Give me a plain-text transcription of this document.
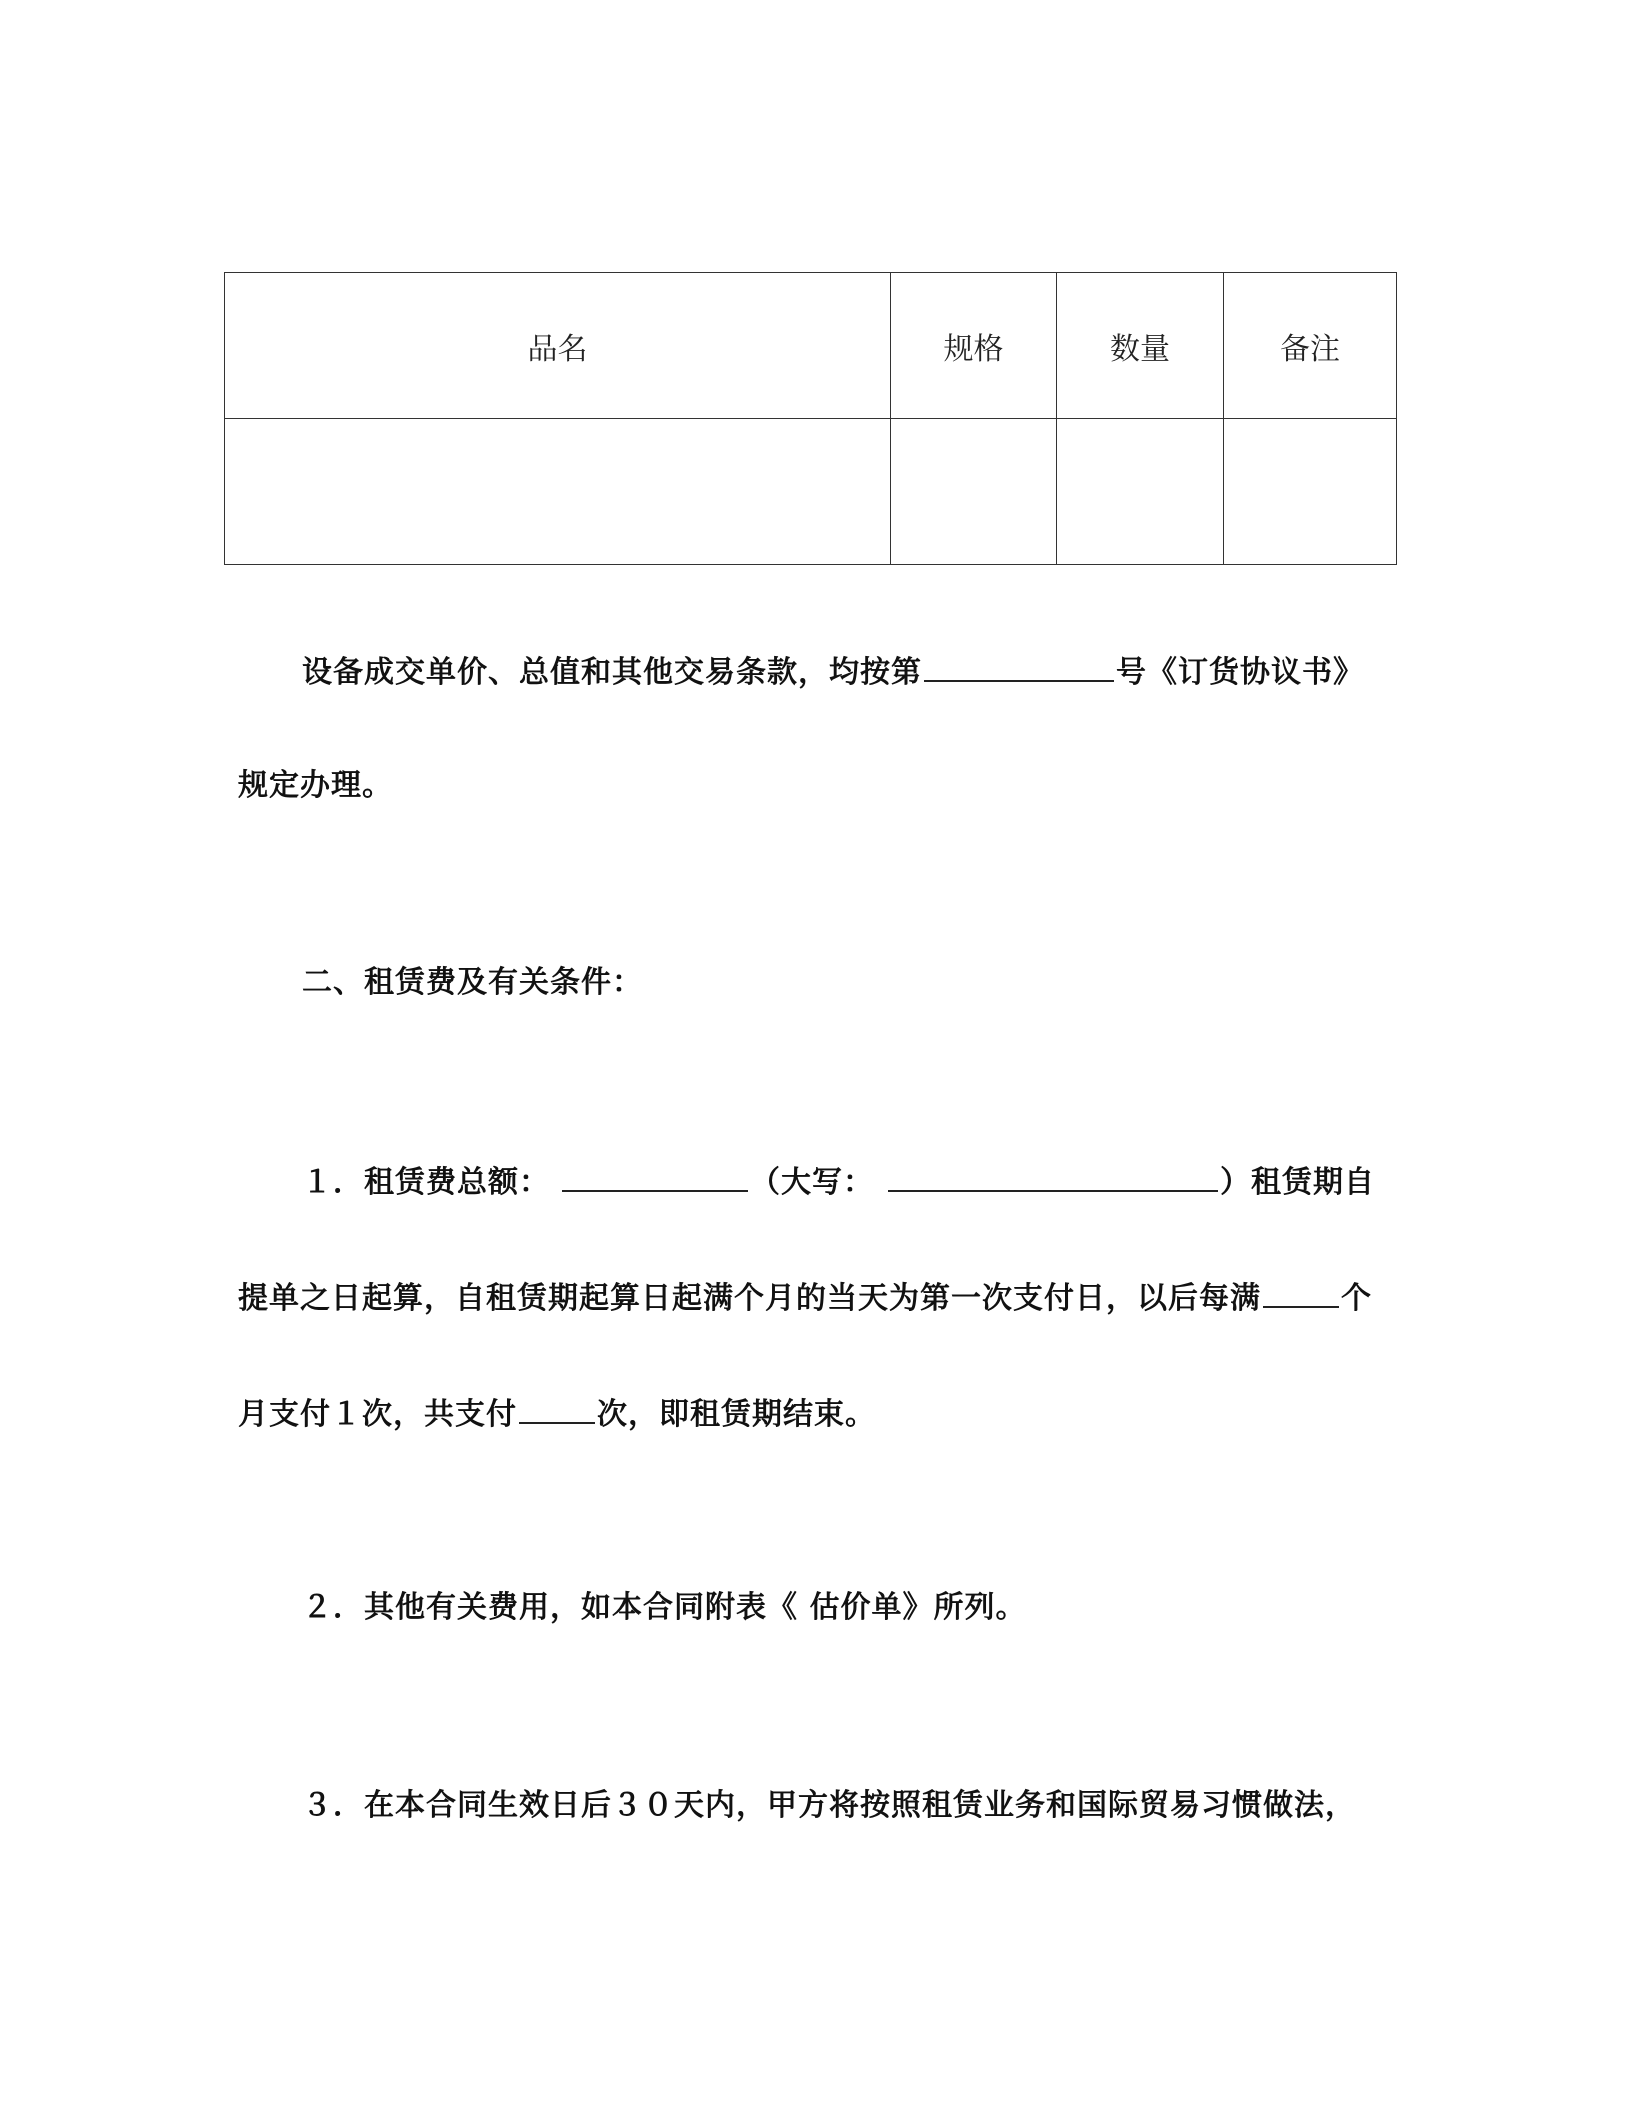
品名	规格	数量	备注

设备成交单价、总值和其他交易条款，均按第	号《订货协议书》
规定办理。
二、租赁费及有关条件：
１．租赁费总额：	（大写：	）租赁期自
提单之日起算，自租赁期起算日起满个月的当天为第一次支付日，以后每满	个
月支付１次，共支付	次，即租赁期结束。
２．其他有关费用，如本合同附表《 估价单》所列。
３．在本合同生效日后３０天内，甲方将按照租赁业务和国际贸易习惯做法，
